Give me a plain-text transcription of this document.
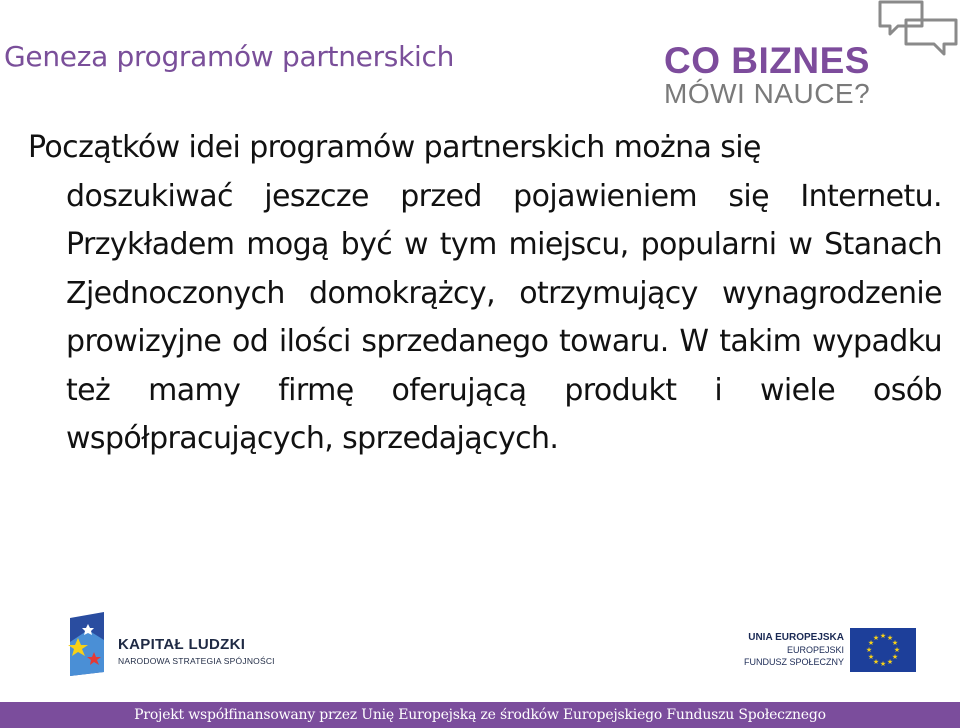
Geneza programów partnerskich	CO BIZNES
MÓWI NAUCE?

Początków idei programów partnerskich można się

doszukiwać jeszcze przed pojawieniem się Internetu. Przykładem mogą być w tym miejscu, popularni w Stanach Zjednoczonych domokrążcy, otrzymujący wynagrodzenie prowizyjne od ilości sprzedanego towaru. W takim wypadku też mamy firmę oferującą produkt i wiele osób współpracujących, sprzedających.

KAPITAŁ LUDZKI
NARODOWA STRATEGIA SPÓJNOŚCI
UNIA EUROPEJSKA
EUROPEJSKI
FUNDUSZ SPOŁECZNY
★ ★
★
★
★
★
★
★
★
★
★
★
Projekt współfinansowany przez Unię Europejską ze środków Europejskiego Funduszu Społecznego
